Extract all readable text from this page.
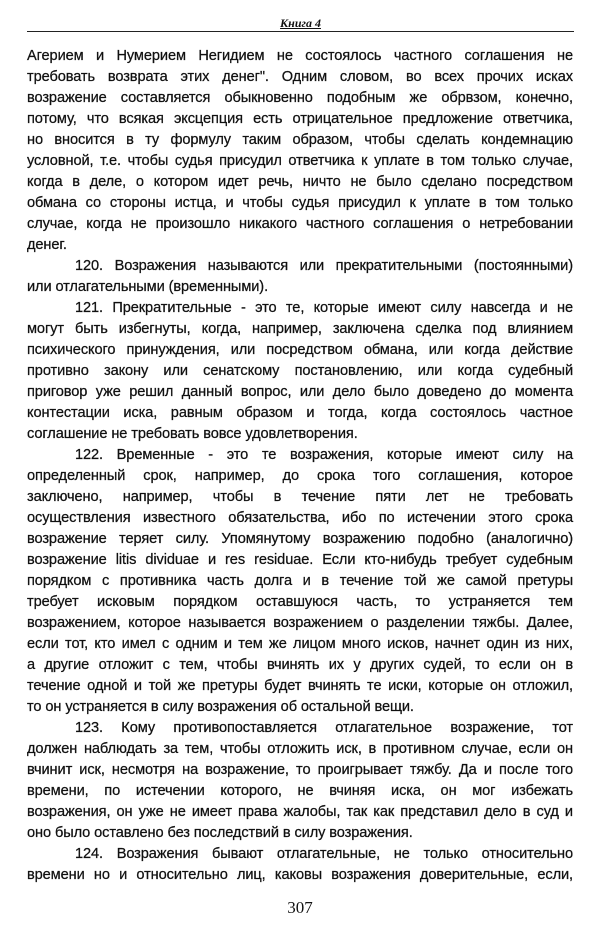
Книга 4
Агерием и Нумерием Негидием не состоялось частного соглашения не
требовать возврата этих денег". Одним словом, во всех прочих исках
возражение составляется обыкновенно подобным же обрвзом, конечно,
потому, что всякая эксцепция есть отрицательное предложение ответчика,
но вносится в ту формулу таким образом, чтобы сделать кондемнацию
условной, т.е. чтобы судья присудил ответчика к уплате в том только случае,
когда в деле, о котором идет речь, ничто не было сделано посредством
обмана со стороны истца, и чтобы судья присудил к уплате в том только
случае, когда не произошло никакого частного соглашения о нетребовании
денег.
120. Возражения называются или прекратительными (постоянными)
или отлагательными (временными).
121. Прекратительные - это те, которые имеют силу навсегда и не
могут быть избегнуты, когда, например, заключена сделка под влиянием
психического принуждения, или посредством обмана, или когда действие
противно закону или сенатскому постановлению, или когда судебный
приговор уже решил данный вопрос, или дело было доведено до момента
контестации иска, равным образом и тогда, когда состоялось частное
соглашение не требовать вовсе удовлетворения.
122. Временные - это те возражения, которые имеют силу на
определенный срок, например, до срока того соглашения, которое
заключено, например, чтобы в течение пяти лет не требовать
осуществления известного обязательства, ибо по истечении этого срока
возражение теряет силу. Упомянутому возражению подобно (аналогично)
возражение litis dividuae и res residuae. Если кто-нибудь требует судебным
порядком с противника часть долга и в течение той же самой претуры
требует исковым порядком оставшуюся часть, то устраняется тем
возражением, которое называется возражением о разделении тяжбы. Далее,
если тот, кто имел с одним и тем же лицом много исков, начнет один из них,
а другие отложит с тем, чтобы вчинять их у других судей, то если он в
течение одной и той же претуры будет вчинять те иски, которые он отложил,
то он устраняется в силу возражения об остальной вещи.
123. Кому противопоставляется отлагательное возражение, тот
должен наблюдать за тем, чтобы отложить иск, в противном случае, если он
вчинит иск, несмотря на возражение, то проигрывает тяжбу. Да и после того
времени, по истечении которого, не вчиняя иска, он мог избежать
возражения, он уже не имеет права жалобы, так как представил дело в суд и
оно было оставлено без последствий в силу возражения.
124. Возражения бывают отлагательные, не только относительно
времени но и относительно лиц, каковы возражения доверительные, если,
307
